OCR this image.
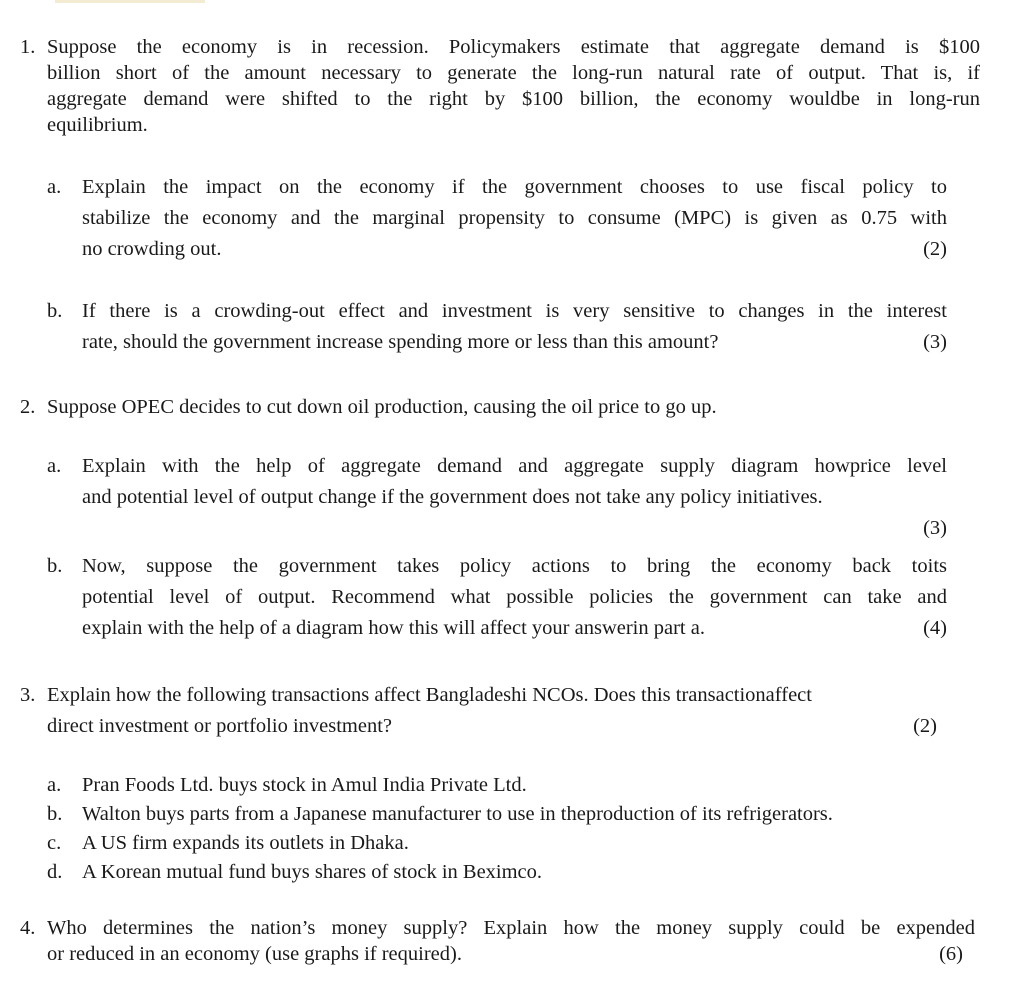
1. Suppose the economy is in recession. Policymakers estimate that aggregate demand is $100
billion short of the amount necessary to generate the long-run natural rate of output. That is, if
aggregate demand were shifted to the right by $100 billion, the economy wouldbe in long-run
equilibrium.
a. Explain the impact on the economy if the government chooses to use fiscal policy to
stabilize the economy and the marginal propensity to consume (MPC) is given as 0.75 with
no crowding out.	(2)
b. If there is a crowding-out effect and investment is very sensitive to changes in the interest
rate, should the government increase spending more or less than this amount?	(3)
2. Suppose OPEC decides to cut down oil production, causing the oil price to go up.
a. Explain with the help of aggregate demand and aggregate supply diagram howprice level
and potential level of output change if the government does not take any policy initiatives.
(3)
b. Now, suppose the government takes policy actions to bring the economy back toits
potential level of output. Recommend what possible policies the government can take and
explain with the help of a diagram how this will affect your answerin part a.	(4)
3. Explain how the following transactions affect Bangladeshi NCOs. Does this transactionaffect
direct investment or portfolio investment?	(2)
a. Pran Foods Ltd. buys stock in Amul India Private Ltd.
b. Walton buys parts from a Japanese manufacturer to use in theproduction of its refrigerators.
c. A US firm expands its outlets in Dhaka.
d. A Korean mutual fund buys shares of stock in Beximco.
4. Who determines the nation’s money supply? Explain how the money supply could be expended
or reduced in an economy (use graphs if required).	(6)
